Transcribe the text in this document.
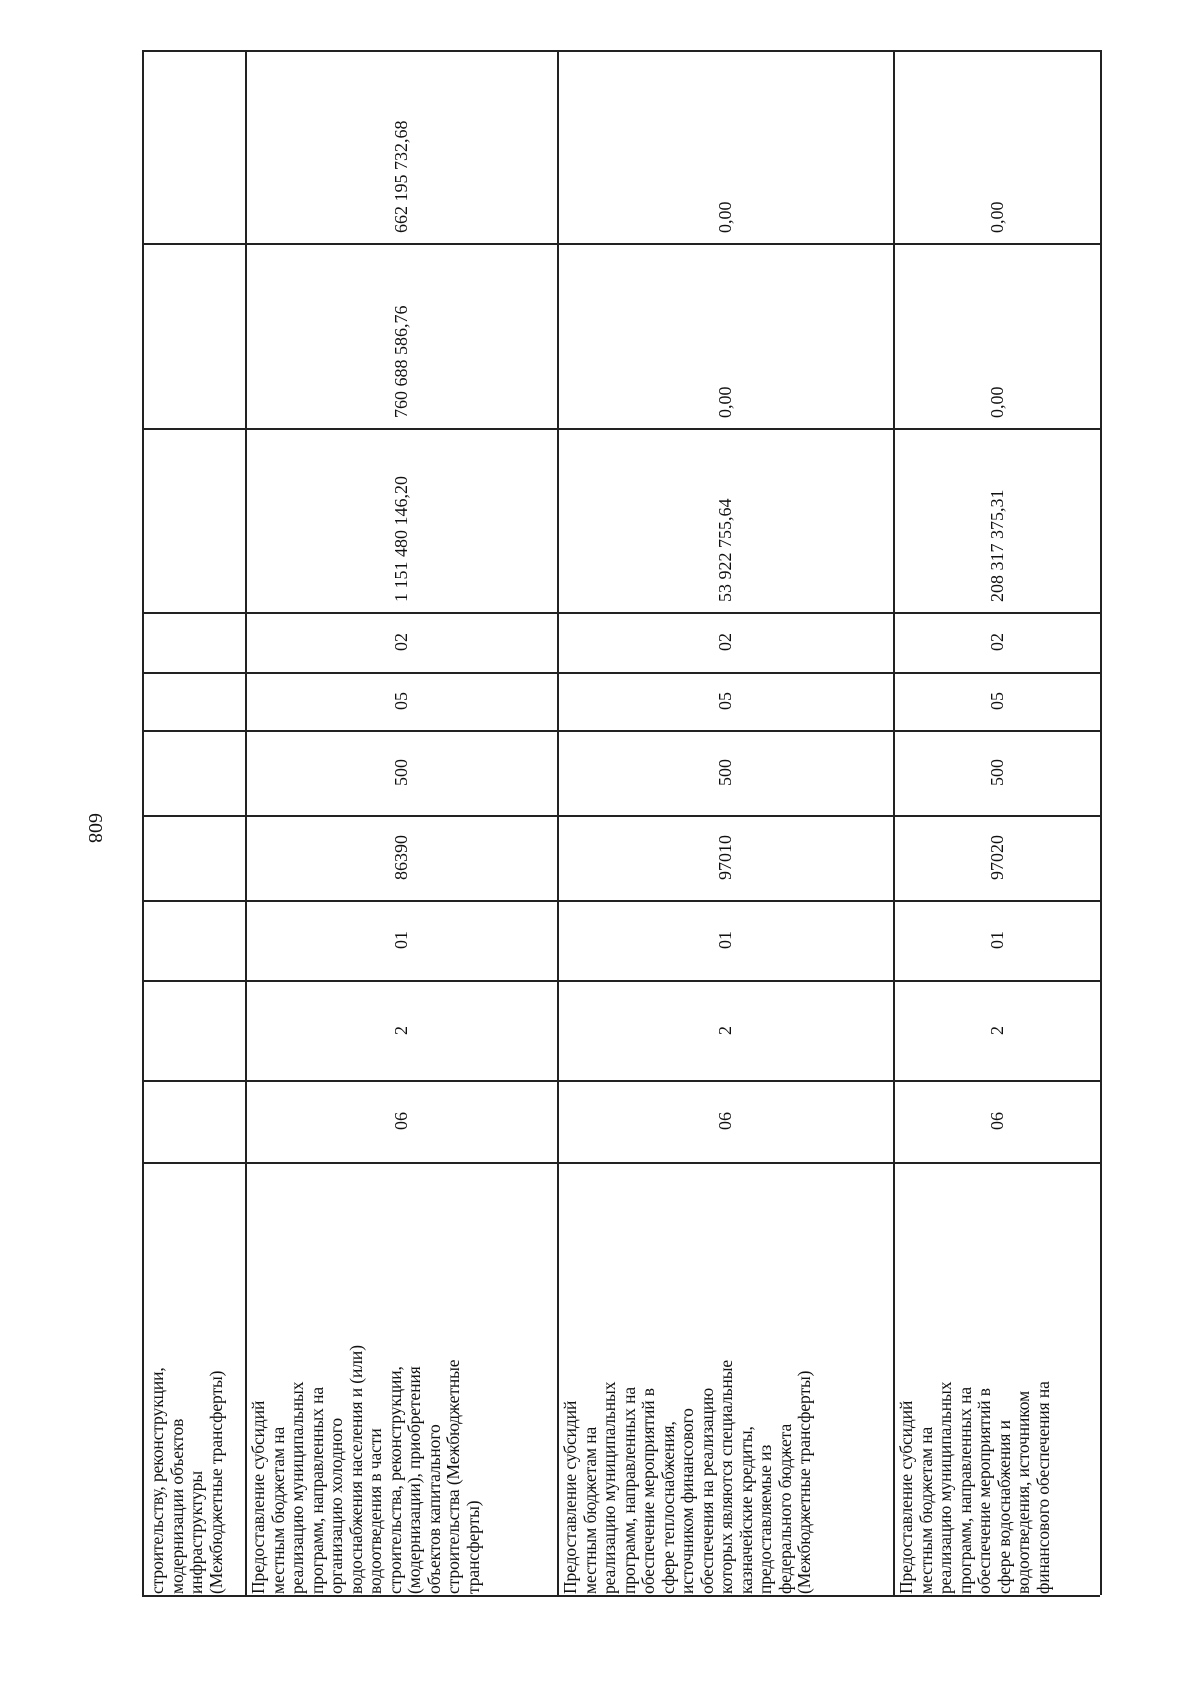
608
строительству, реконструкции,
модернизации объектов
инфраструктуры
(Межбюджетные трансферты)
Предоставление субсидий
местным бюджетам на
реализацию муниципальных
программ, направленных на
организацию холодного
водоснабжения населения и (или)
водоотведения в части
строительства, реконструкции,
(модернизации), приобретения
объектов капитального
строительства (Межбюджетные
трансферты)
06
2
01
86390
500
05
02
1 151 480 146,20
760 688 586,76
662 195 732,68
Предоставление субсидий
местным бюджетам на
реализацию муниципальных
программ, направленных на
обеспечение мероприятий в
сфере теплоснабжения,
источником финансового
обеспечения на реализацию
которых являются специальные
казначейские кредиты,
предоставляемые из
федерального бюджета
(Межбюджетные трансферты)
06
2
01
97010
500
05
02
53 922 755,64
0,00
0,00
Предоставление субсидий
местным бюджетам на
реализацию муниципальных
программ, направленных на
обеспечение мероприятий в
сфере водоснабжения и
водоотведения, источником
финансового обеспечения на
06
2
01
97020
500
05
02
208 317 375,31
0,00
0,00
